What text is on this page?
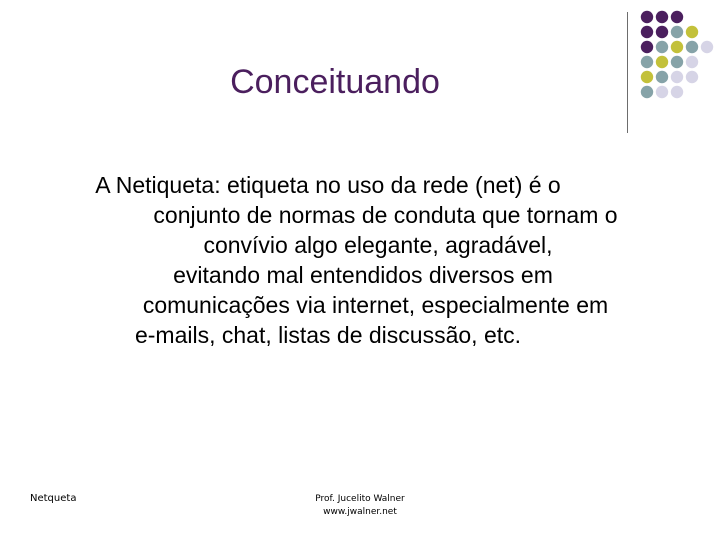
Conceituando
A Netiqueta: etiqueta no uso da rede (net) é o
conjunto de normas de conduta que tornam o
convívio algo elegante, agradável,
evitando mal entendidos diversos em
comunicações via internet, especialmente em
e-mails, chat, listas de discussão, etc.
Netqueta	Prof. Jucelito Walner
www.jwalner.net
